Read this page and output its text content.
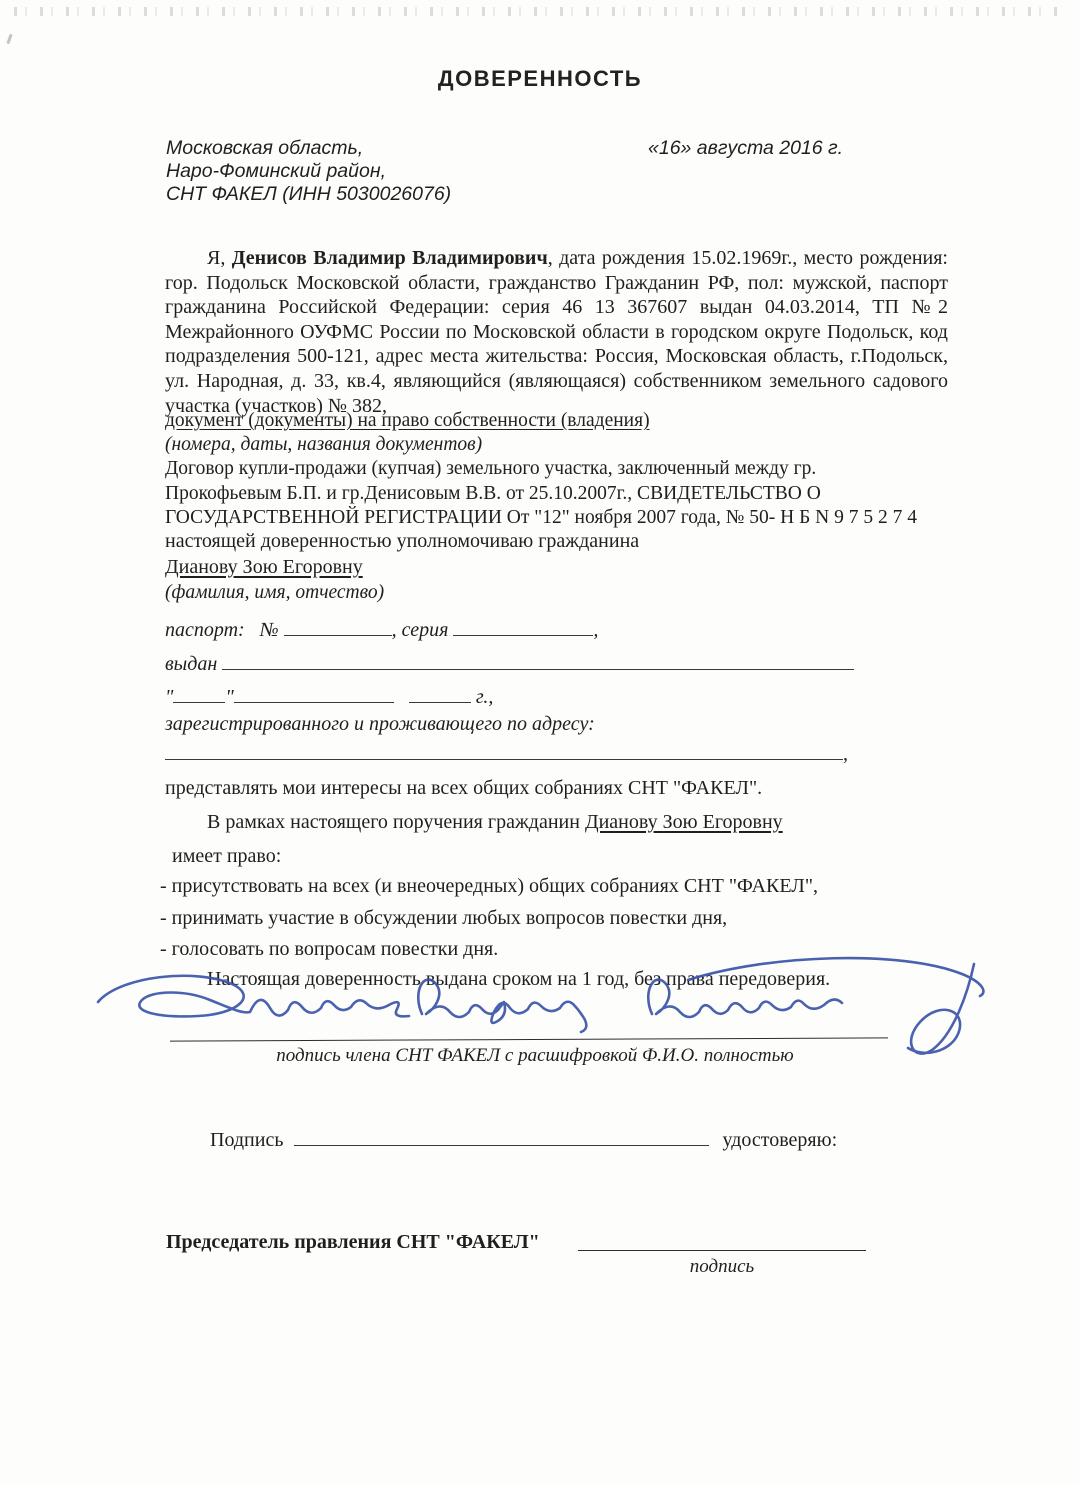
ДОВЕРЕННОСТЬ
Московская область,
Наро-Фоминский район,
СНТ ФАКЕЛ (ИНН 5030026076)
«16» августа 2016 г.
Я, Денисов Владимир Владимирович, дата рождения 15.02.1969г., место рождения: гор. Подольск Московской области, гражданство Гражданин РФ, пол: мужской, паспорт гражданина Российской Федерации: серия 46 13 367607 выдан 04.03.2014, ТП №2 Межрайонного ОУФМС России по Московской области в городском округе Подольск, код подразделения 500-121, адрес места жительства: Россия, Московская область, г.Подольск, ул. Народная, д. 33, кв.4, являющийся (являющаяся) собственником земельного садового участка (участков) № 382,
документ (документы) на право собственности (владения)
(номера, даты, названия документов)
Договор купли-продажи (купчая) земельного участка, заключенный между гр.
Прокофьевым Б.П. и гр.Денисовым В.В. от 25.10.2007г., СВИДЕТЕЛЬСТВО О
ГОСУДАРСТВЕННОЙ РЕГИСТРАЦИИ От "12" ноября 2007 года, № 50- Н Б N 9 7 5 2 7 4
настоящей доверенностью уполномочиваю гражданина
Дианову Зою Егоровну
(фамилия, имя, отчество)
паспорт: №	, серия	,
выдан
"	"	г.,
зарегистрированного и проживающего по адресу:
,
представлять мои интересы на всех общих собраниях СНТ "ФАКЕЛ".
В рамках настоящего поручения гражданин Дианову Зою Егоровну
имеет право:
- присутствовать на всех (и внеочередных) общих собраниях СНТ "ФАКЕЛ",
- принимать участие в обсуждении любых вопросов повестки дня,
- голосовать по вопросам повестки дня.
Настоящая доверенность выдана сроком на 1 год, без права передоверия.
подпись члена СНТ ФАКЕЛ с расшифровкой Ф.И.О. полностью
Подпись	удостоверяю:
Председатель правления СНТ "ФАКЕЛ"
подпись
